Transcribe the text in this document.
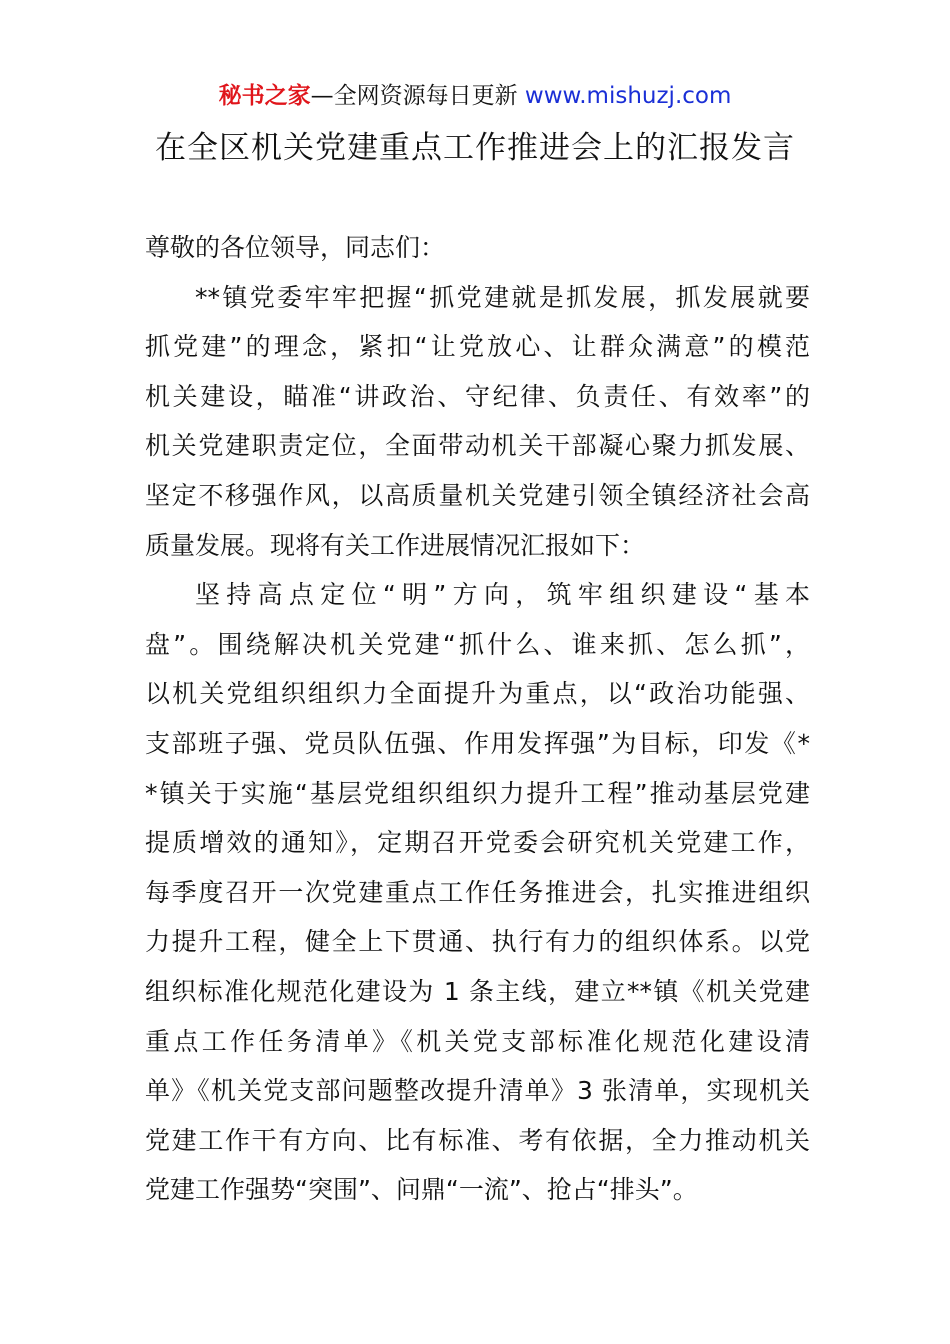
秘书之家—全网资源每日更新 www.mishuzj.com
在全区机关党建重点工作推进会上的汇报发言
尊敬的各位领导，同志们：
**镇党委牢牢把握“抓党建就是抓发展，抓发展就要
抓党建”的理念，紧扣“让党放心、让群众满意”的模范
机关建设，瞄准“讲政治、守纪律、负责任、有效率”的
机关党建职责定位，全面带动机关干部凝心聚力抓发展、
坚定不移强作风，以高质量机关党建引领全镇经济社会高
质量发展。现将有关工作进展情况汇报如下：
坚持高点定位“明”方向，筑牢组织建设“基本
盘”。围绕解决机关党建“抓什么、谁来抓、怎么抓”，
以机关党组织组织力全面提升为重点，以“政治功能强、
支部班子强、党员队伍强、作用发挥强”为目标，印发《*
*镇关于实施“基层党组织组织力提升工程”推动基层党建
提质增效的通知》，定期召开党委会研究机关党建工作，
每季度召开一次党建重点工作任务推进会，扎实推进组织
力提升工程，健全上下贯通、执行有力的组织体系。以党
组织标准化规范化建设为 1 条主线，建立**镇《机关党建
重点工作任务清单》《机关党支部标准化规范化建设清
单》《机关党支部问题整改提升清单》3 张清单，实现机关
党建工作干有方向、比有标准、考有依据，全力推动机关
党建工作强势“突围”、问鼎“一流”、抢占“排头”。
